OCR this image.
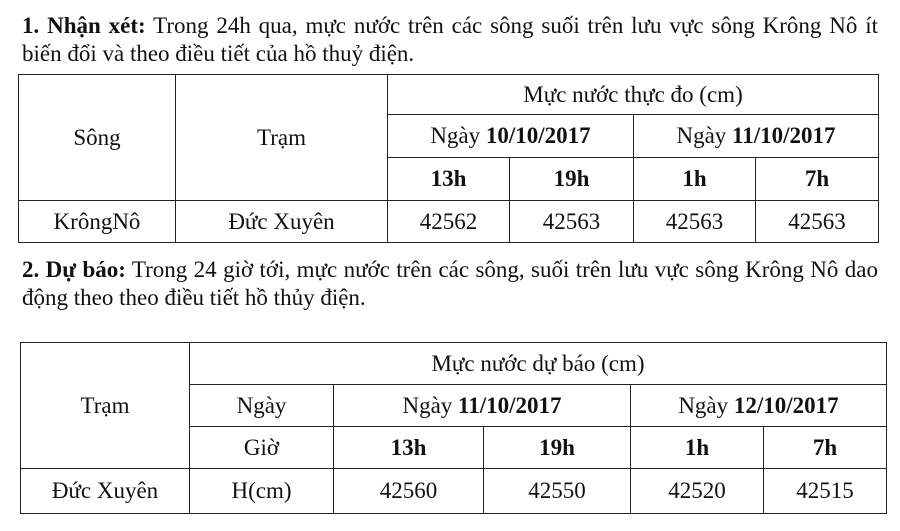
1. Nhận xét: Trong 24h qua, mực nước trên các sông suối trên lưu vực sông Krông Nô ít biến đổi và theo điều tiết của hồ thuỷ điện.
Sông	Trạm	Mực nước thực đo (cm)			
		Ngày 10/10/2017		Ngày 11/10/2017	
		13h	19h	1h	7h
KrôngNô	Đức Xuyên	42562	42563	42563	42563
2. Dự báo: Trong 24 giờ tới, mực nước trên các sông, suối trên lưu vực sông Krông Nô dao động theo theo điều tiết hồ thủy điện.
Trạm	Mực nước dự báo (cm)				
	Ngày	Ngày 11/10/2017		Ngày 12/10/2017	
	Giờ	13h	19h	1h	7h
Đức Xuyên	H(cm)	42560	42550	42520	42515
